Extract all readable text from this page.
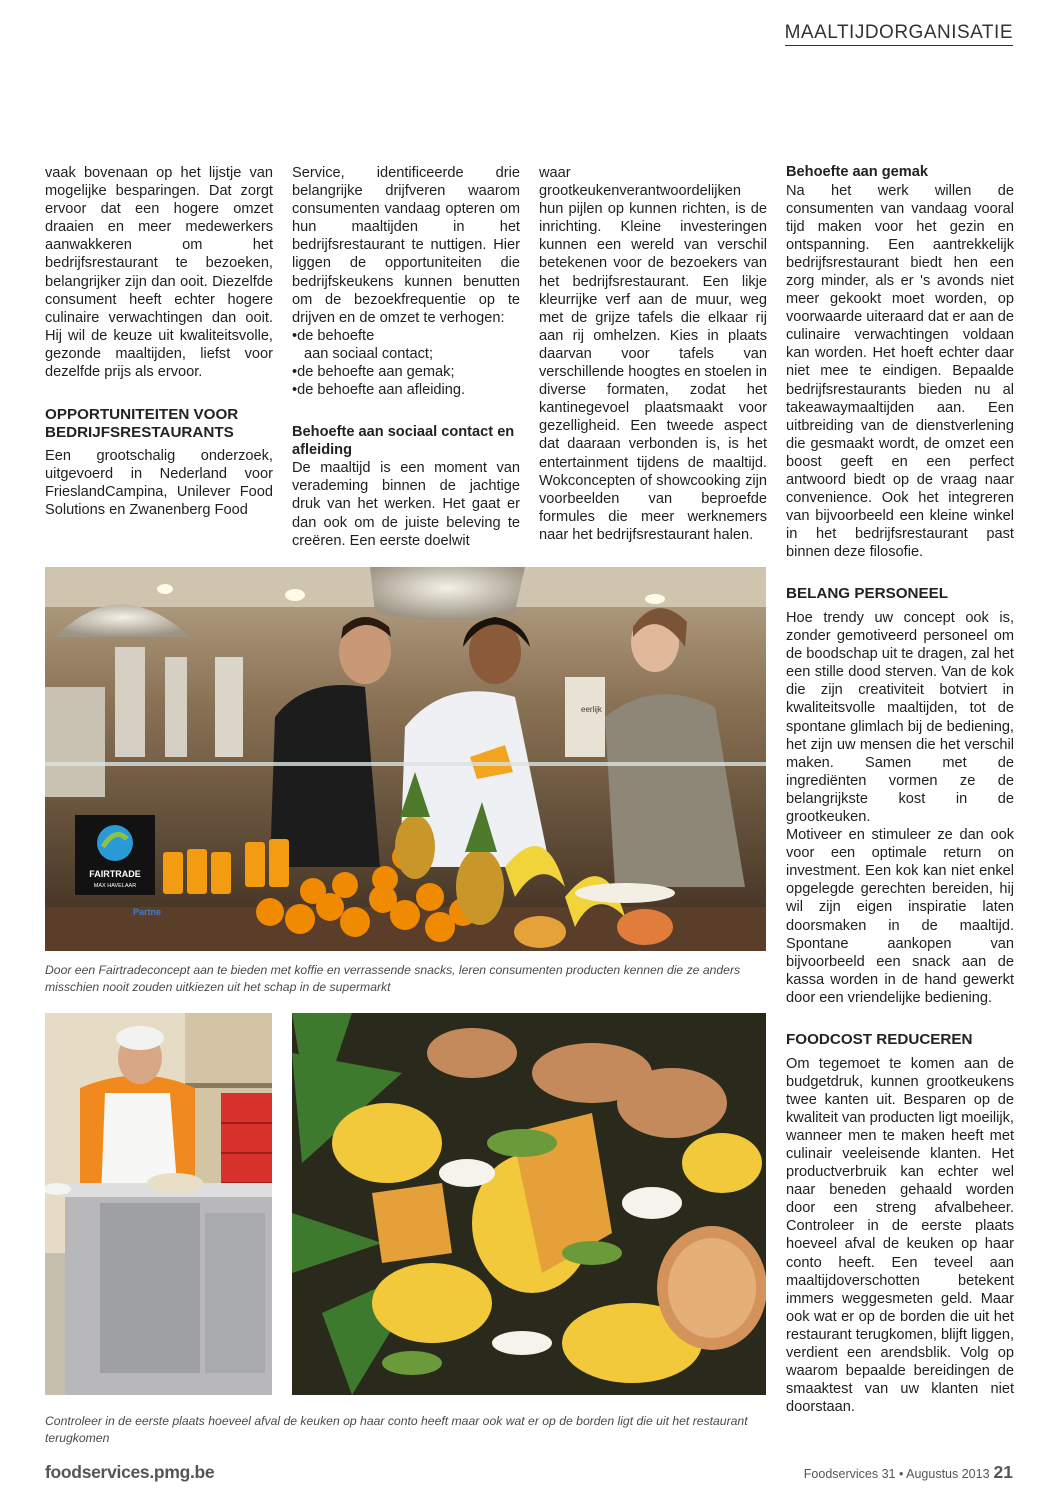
MAALTIJDORGANISATIE

vaak bovenaan op het lijstje van mogelijke besparingen. Dat zorgt ervoor dat een hogere omzet draaien en meer medewerkers aanwakkeren om het bedrijfsrestaurant te bezoeken, belangrijker zijn dan ooit. Diezelfde consument heeft echter hogere culinaire verwachtingen dan ooit. Hij wil de keuze uit kwaliteitsvolle, gezonde maaltijden, liefst voor dezelfde prijs als ervoor.

OPPORTUNITEITEN VOOR BEDRIJFSRESTAURANTS

Een grootschalig onderzoek, uitgevoerd in Nederland voor FrieslandCampina, Unilever Food Solutions en Zwanenberg Food

Service, identificeerde drie belangrijke drijfveren waarom consumenten vandaag opteren om hun maaltijden in het bedrijfsrestaurant te nuttigen. Hier liggen de opportuniteiten die bedrijfskeukens kunnen benutten om de bezoekfrequentie op te drijven en de omzet te verhogen:

•de behoefte
aan sociaal contact;
•de behoefte aan gemak;
•de behoefte aan afleiding.
Behoefte aan sociaal contact en afleiding

De maaltijd is een moment van verademing binnen de jachtige druk van het werken. Het gaat er dan ook om de juiste beleving te creëren. Een eerste doelwit

waar grootkeukenverantwoordelijken hun pijlen op kunnen richten, is de inrichting. Kleine investeringen kunnen een wereld van verschil betekenen voor de bezoekers van het bedrijfsrestaurant. Een likje kleurrijke verf aan de muur, weg met de grijze tafels die elkaar rij aan rij omhelzen. Kies in plaats daarvan voor tafels van verschillende hoogtes en stoelen in diverse formaten, zodat het kantinegevoel plaatsmaakt voor gezelligheid. Een tweede aspect dat daaraan verbonden is, is het entertainment tijdens de maaltijd. Wokconcepten of showcooking zijn voorbeelden van beproefde formules die meer werknemers naar het bedrijfsrestaurant halen.

Behoefte aan gemak

Na het werk willen de consumenten van vandaag vooral tijd maken voor het gezin en ontspanning. Een aantrekkelijk bedrijfsrestaurant biedt hen een zorg minder, als er 's avonds niet meer gekookt moet worden, op voorwaarde uiteraard dat er aan de culinaire verwachtingen voldaan kan worden. Het hoeft echter daar niet mee te eindigen. Bepaalde bedrijfsrestaurants bieden nu al takeawaymaaltijden aan. Een uitbreiding van de dienstverlening die gesmaakt wordt, de omzet een boost geeft en een perfect antwoord biedt op de vraag naar convenience. Ook het integreren van bijvoorbeeld een kleine winkel in het bedrijfsrestaurant past binnen deze filosofie.

BELANG PERSONEEL

Hoe trendy uw concept ook is, zonder gemotiveerd personeel om de boodschap uit te dragen, zal het een stille dood sterven. Van de kok die zijn creativiteit botviert in kwaliteitsvolle maaltijden, tot de spontane glimlach bij de bediening, het zijn uw mensen die het verschil maken. Samen met de ingrediënten vormen ze de belangrijkste kost in de grootkeuken.

Motiveer en stimuleer ze dan ook voor een optimale return on investment. Een kok kan niet enkel opgelegde gerechten bereiden, hij wil zijn eigen inspiratie laten doorsmaken in de maaltijd. Spontane aankopen van bijvoorbeeld een snack aan de kassa worden in de hand gewerkt door een vriendelijke bediening.

FOODCOST REDUCEREN

Om tegemoet te komen aan de budgetdruk, kunnen grootkeukens twee kanten uit. Besparen op de kwaliteit van producten ligt moeilijk, wanneer men te maken heeft met culinair veeleisende klanten. Het productverbruik kan echter wel naar beneden gehaald worden door een streng afvalbeheer. Controleer in de eerste plaats hoeveel afval de keuken op haar conto heeft. Een teveel aan maaltijdoverschotten betekent immers weggesmeten geld. Maar ook wat er op de borden die uit het restaurant terugkomen, blijft liggen, verdient een arendsblik. Volg op waarom bepaalde bereidingen de smaaktest van uw klanten niet doorstaan.

FAIRTRADE
MAX HAVELAAR
Partne
eerlijk
Door een Fairtradeconcept aan te bieden met koffie en verrassende snacks, leren consumenten producten kennen die ze anders misschien nooit zouden uitkiezen uit het schap in de supermarkt
Controleer in de eerste plaats hoeveel afval de keuken op haar conto heeft maar ook wat er op de borden ligt die uit het restaurant terugkomen
foodservices.pmg.be	Foodservices 31 • Augustus 2013 21
